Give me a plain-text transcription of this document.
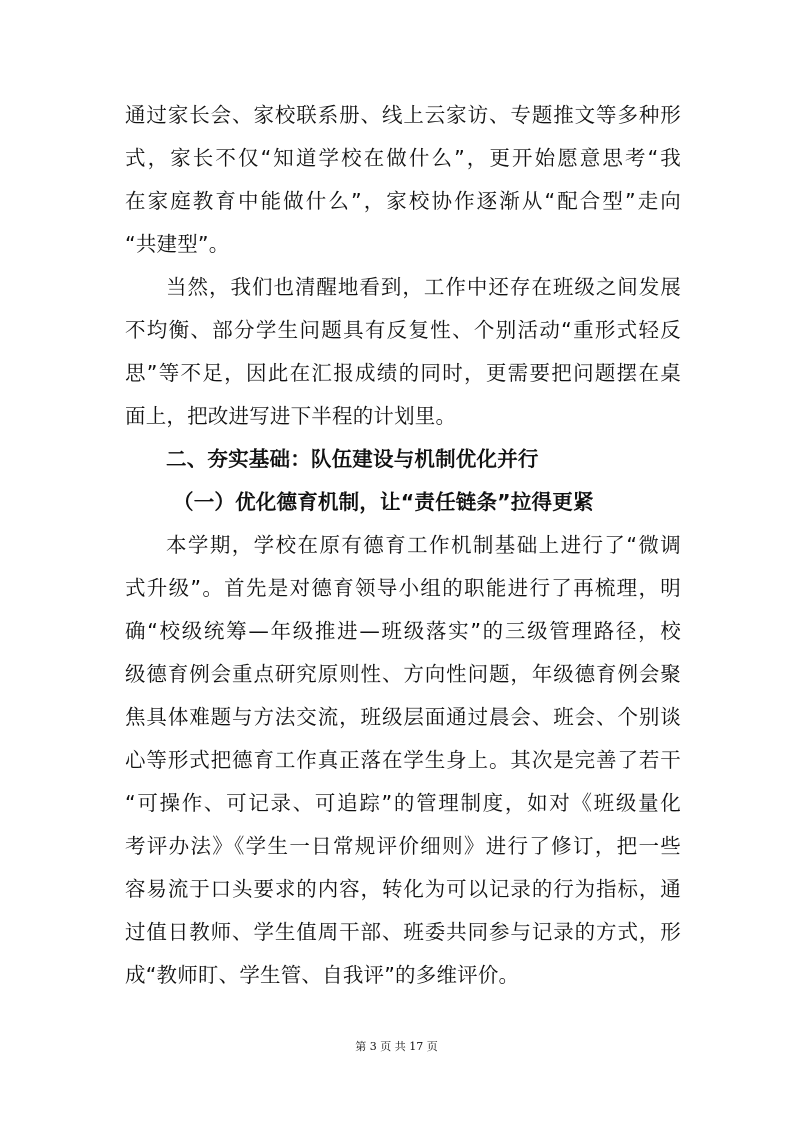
通过家长会、家校联系册、线上云家访、专题推文等多种形
式，家长不仅“知道学校在做什么”，更开始愿意思考“我
在家庭教育中能做什么”，家校协作逐渐从“配合型”走向
“共建型”。
当然，我们也清醒地看到，工作中还存在班级之间发展
不均衡、部分学生问题具有反复性、个别活动“重形式轻反
思”等不足，因此在汇报成绩的同时，更需要把问题摆在桌
面上，把改进写进下半程的计划里。
二、夯实基础：队伍建设与机制优化并行
（一）优化德育机制，让“责任链条”拉得更紧
本学期，学校在原有德育工作机制基础上进行了“微调
式升级”。首先是对德育领导小组的职能进行了再梳理，明
确“校级统筹—年级推进—班级落实”的三级管理路径，校
级德育例会重点研究原则性、方向性问题，年级德育例会聚
焦具体难题与方法交流，班级层面通过晨会、班会、个别谈
心等形式把德育工作真正落在学生身上。其次是完善了若干
“可操作、可记录、可追踪”的管理制度，如对《班级量化
考评办法》《学生一日常规评价细则》进行了修订，把一些
容易流于口头要求的内容，转化为可以记录的行为指标，通
过值日教师、学生值周干部、班委共同参与记录的方式，形
成“教师盯、学生管、自我评”的多维评价。
第 3 页 共 17 页
